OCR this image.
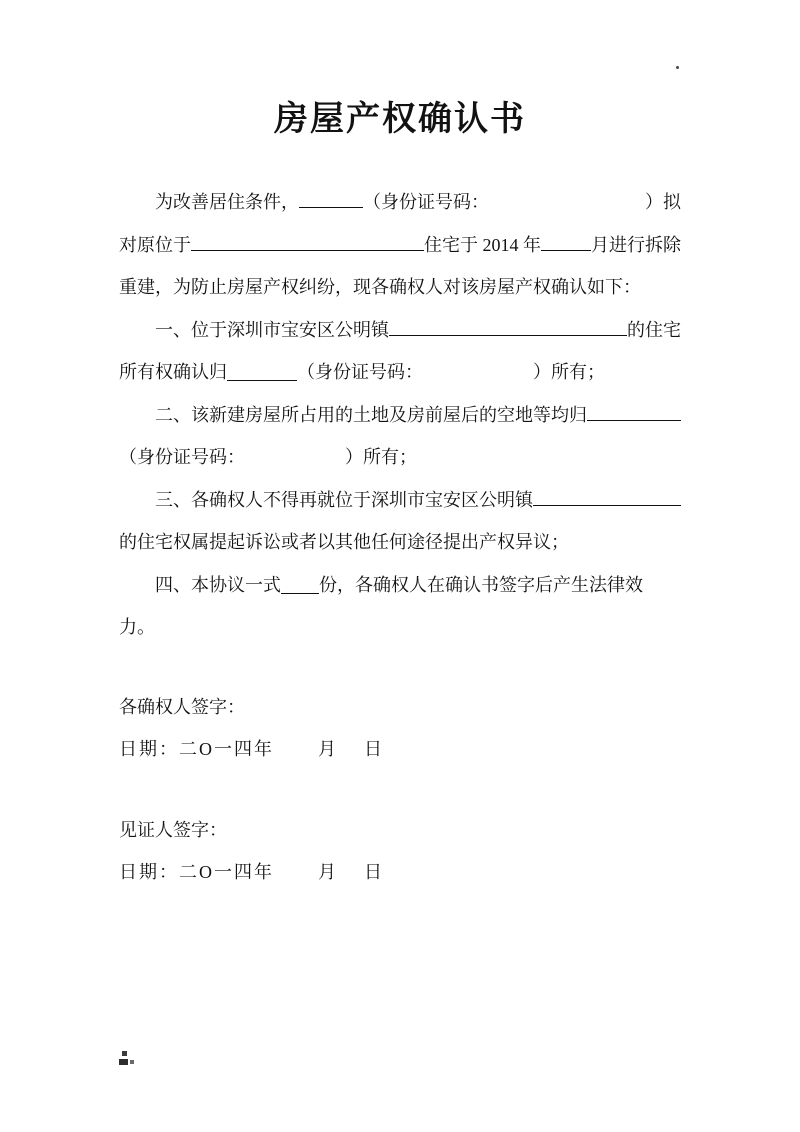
房屋产权确认书
为改善居住条件，	（身份证号码：	）拟
对原位于	住宅于 2014 年	月进行拆除
重建，为防止房屋产权纠纷，现各确权人对该房屋产权确认如下：
一、位于深圳市宝安区公明镇	的住宅
所有权确认归	（身份证号码：	）所有；
二、该新建房屋所占用的土地及房前屋后的空地等均归
（身份证号码：	）所有；
三、各确权人不得再就位于深圳市宝安区公明镇
的住宅权属提起诉讼或者以其他任何途径提出产权异议；
四、本协议一式 份，各确权人在确认书签字后产生法律效
力。
各确权人签字：
日期：二O一四年 月 日
见证人签字：
日期：二O一四年 月 日
